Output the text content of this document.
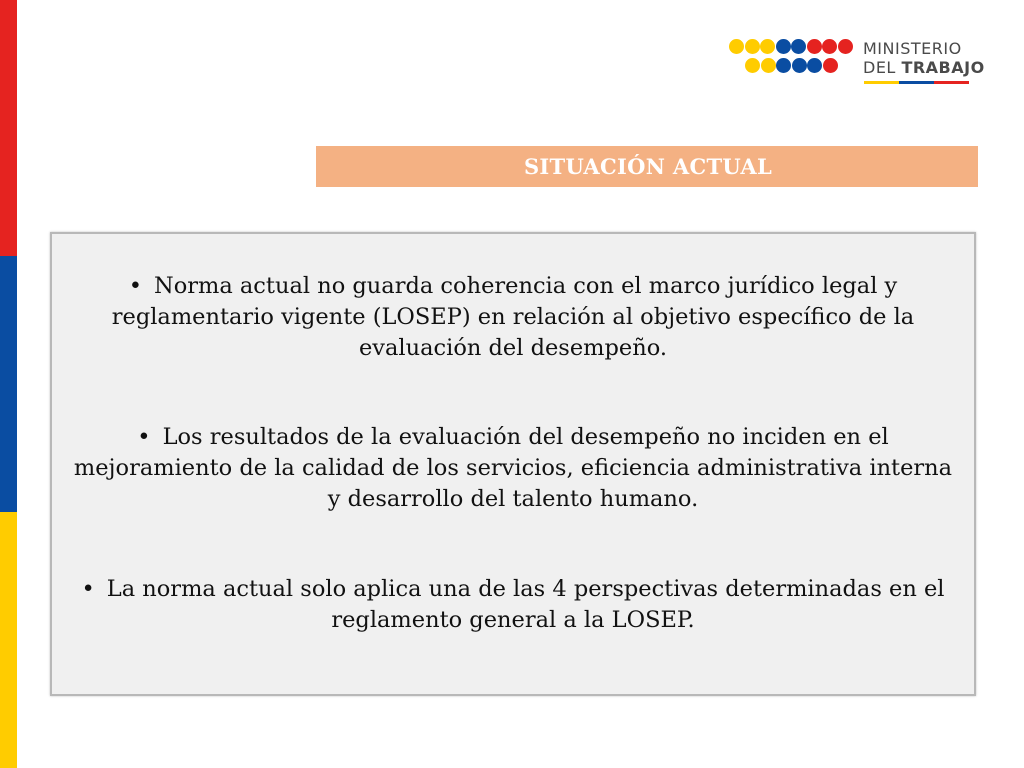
MINISTERIO
DEL TRABAJO
SITUACIÓN ACTUAL
• Norma actual no guarda coherencia con el marco jurídico legal y reglamentario vigente (LOSEP) en relación al objetivo específico de la evaluación del desempeño.
• Los resultados de la evaluación del desempeño no inciden en el mejoramiento de la calidad de los servicios, eficiencia administrativa interna y desarrollo del talento humano.
• La norma actual solo aplica una de las 4 perspectivas determinadas en el reglamento general a la LOSEP.
